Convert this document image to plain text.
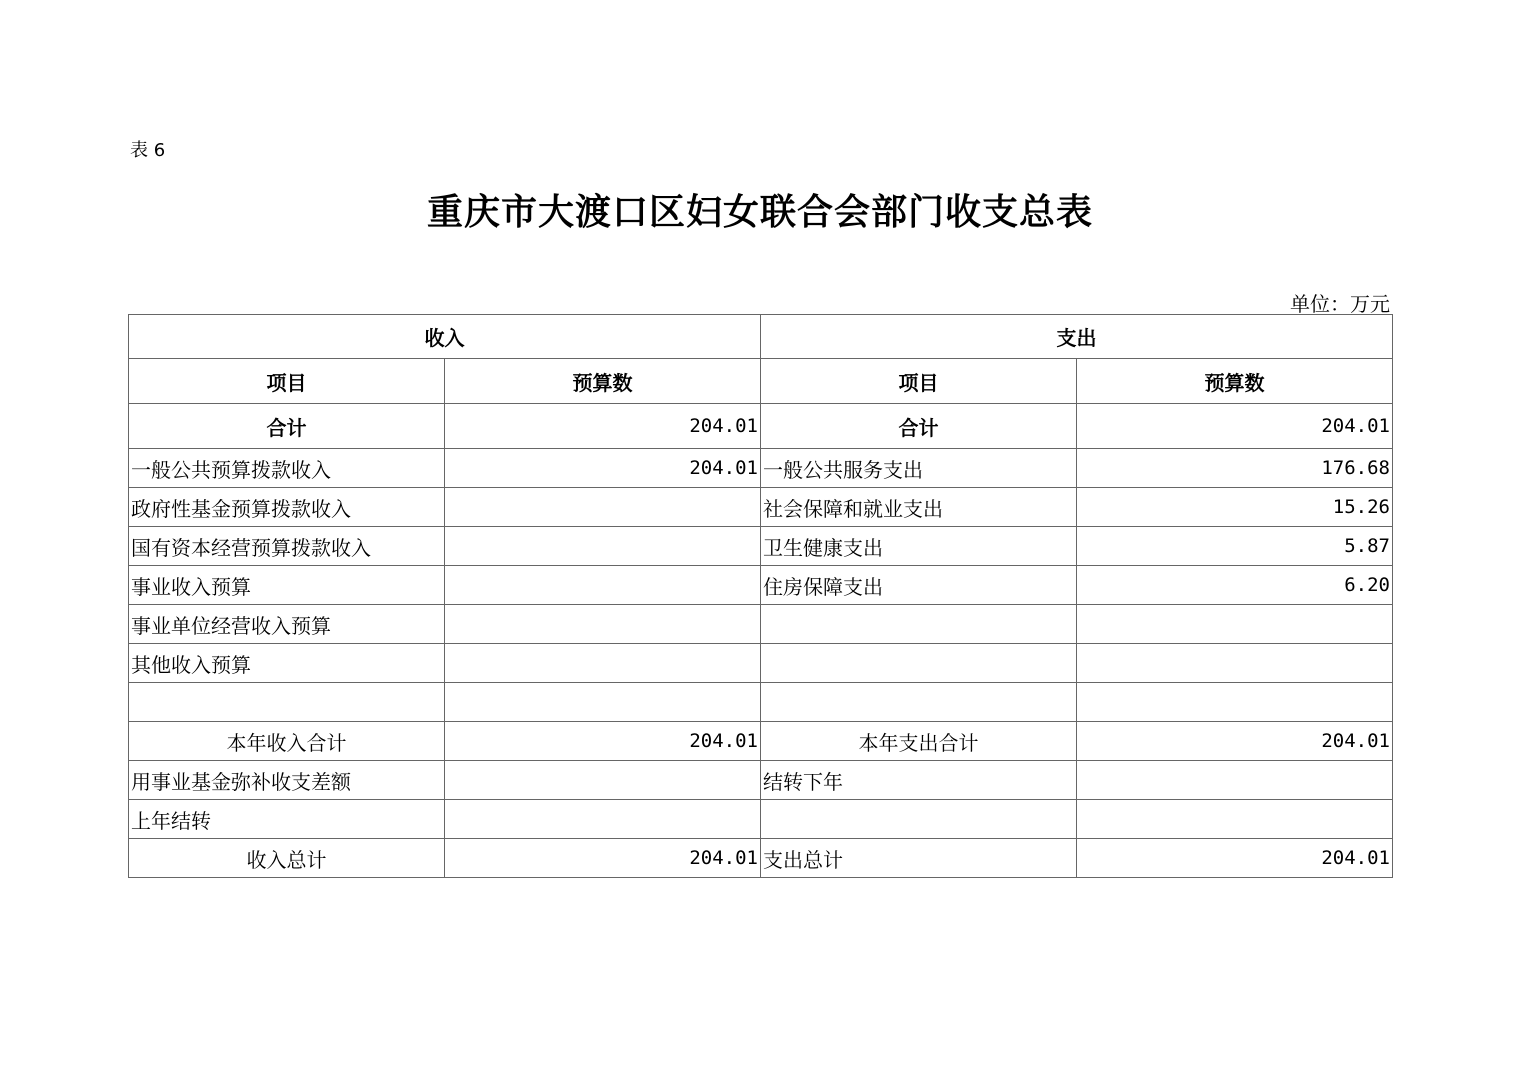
表 6
重庆市大渡口区妇女联合会部门收支总表
单位：万元
收入		支出	
项目	预算数	项目	预算数
合计	204.01	合计	204.01
一般公共预算拨款收入	204.01	一般公共服务支出	176.68
政府性基金预算拨款收入		社会保障和就业支出	15.26
国有资本经营预算拨款收入		卫生健康支出	5.87
事业收入预算		住房保障支出	6.20
事业单位经营收入预算			
其他收入预算			

本年收入合计	204.01	本年支出合计	204.01
用事业基金弥补收支差额		结转下年	
上年结转			
收入总计	204.01	支出总计	204.01
